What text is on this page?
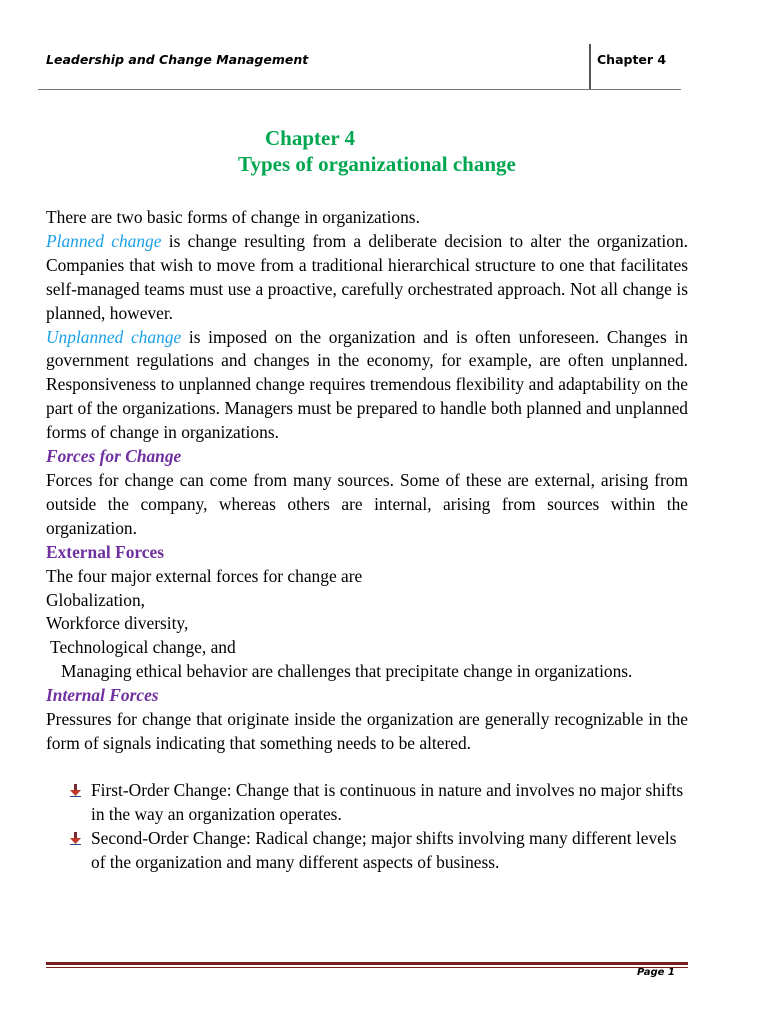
Leadership and Change Management	Chapter 4
Chapter 4
Types of organizational change

There are two basic forms of change in organizations.

Planned change is change resulting from a deliberate decision to alter the organization. Companies that wish to move from a traditional hierarchical structure to one that facilitates self-managed teams must use a proactive, carefully orchestrated approach. Not all change is planned, however.

Unplanned change is imposed on the organization and is often unforeseen. Changes in government regulations and changes in the economy, for example, are often unplanned. Responsiveness to unplanned change requires tremendous flexibility and adaptability on the part of the organizations. Managers must be prepared to handle both planned and unplanned forms of change in organizations.

Forces for Change

Forces for change can come from many sources. Some of these are external, arising from outside the company, whereas others are internal, arising from sources within the organization.

External Forces

The four major external forces for change are

Globalization,

Workforce diversity,

Technological change, and

Managing ethical behavior are challenges that precipitate change in organizations.

Internal Forces

Pressures for change that originate inside the organization are generally recognizable in the form of signals indicating that something needs to be altered.

First-Order Change: Change that is continuous in nature and involves no major shifts in the way an organization operates.
Second-Order Change: Radical change; major shifts involving many different levels of the organization and many different aspects of business.
Page 1
